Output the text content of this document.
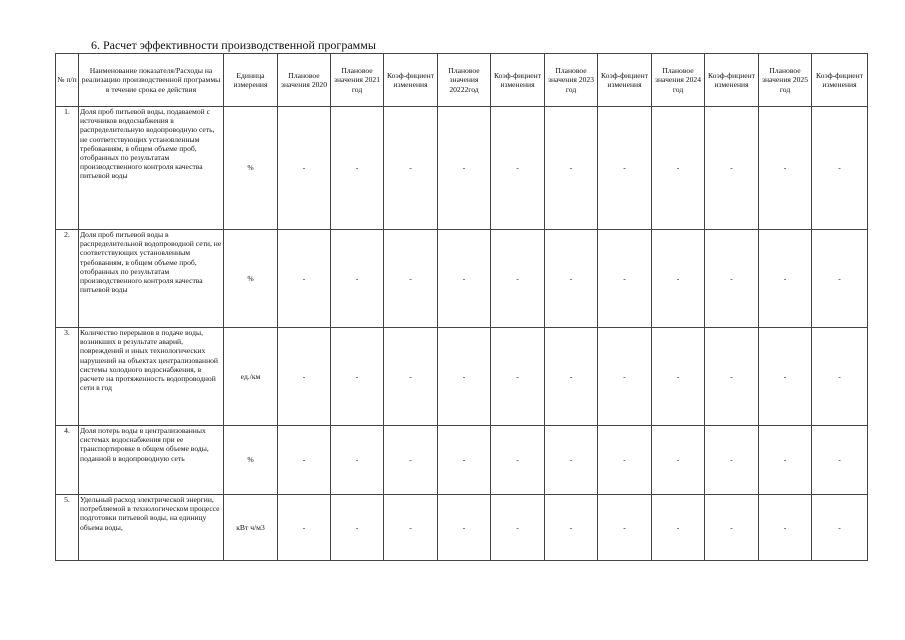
6. Расчет эффективности производственной программы
№ п/п	Наименование показателя/Расходы на реализацию производственной программы в течение срока ее действия	Единица измерения	Плановое значения 2020	Плановое значения 2021 год	Коэф-фициент изменения	Плановое значения 20222год	Коэф-фициент изменения	Плановое значения 2023 год	Коэф-фициент изменения	Плановое значения 2024 год	Коэф-фициент изменения	Плановое значения 2025 год	Коэф-фициент изменения
1.	Доля проб питьевой воды, подаваемой с источников водоснабжения в распределительную водопроводную сеть, не соответствующих установленным требованиям, в общем объеме проб, отобранных по результатам производственного контроля качества питьевой воды	%	-	-	-	-	-	-	-	-	-	-	-
2.	Доля проб питьевой воды в распределительной водопроводной сети, не соответствующих установленным требованиям, в общем объеме проб, отобранных по результатам производственного контроля качества питьевой воды	%	-	-	-	-	-	-	-	-	-	-	-
3.	Количество перерывов в подаче воды, возникших в результате аварий, повреждений и иных технологических нарушений на объектах централизованной системы холодного водоснабжения, в расчете на протяженность водопроводной сети в год	ед./км	-	-	-	-	-	-	-	-	-	-	-
4.	Доля потерь воды в централизованных системах водоснабжения при ее транспортировке в общем объеме воды, поданной в водопроводную сеть	%	-	-	-	-	-	-	-	-	-	-	-
5.	Удельный расход электрической энергии, потребляемой в технологическом процессе подготовки питьевой воды, на единицу объема воды,	кВт ч/м3	-	-	-	-	-	-	-	-	-	-	-
